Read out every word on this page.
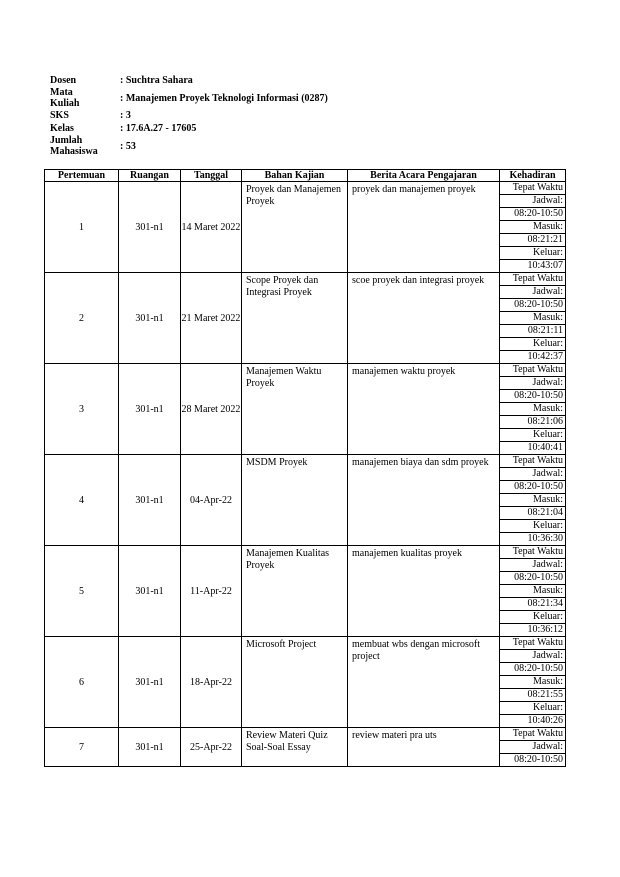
Dosen	: Suchtra Sahara
Mata
Kuliah	: Manajemen Proyek Teknologi Informasi (0287)
SKS	: 3
Kelas	: 17.6A.27 - 17605
Jumlah
Mahasiswa	: 53
Pertemuan	Ruangan	Tanggal	Bahan Kajian	Berita Acara Pengajaran	Kehadiran
1	301-n1	14 Maret 2022	Proyek dan Manajemen Proyek	proyek dan manajemen proyek	Tepat Waktu
					Jadwal:
					08:20-10:50
					Masuk:
					08:21:21
					Keluar:
					10:43:07
2	301-n1	21 Maret 2022	Scope Proyek dan Integrasi Proyek	scoe proyek dan integrasi proyek	Tepat Waktu
					Jadwal:
					08:20-10:50
					Masuk:
					08:21:11
					Keluar:
					10:42:37
3	301-n1	28 Maret 2022	Manajemen Waktu Proyek	manajemen waktu proyek	Tepat Waktu
					Jadwal:
					08:20-10:50
					Masuk:
					08:21:06
					Keluar:
					10:40:41
4	301-n1	04-Apr-22	MSDM Proyek	manajemen biaya dan sdm proyek	Tepat Waktu
					Jadwal:
					08:20-10:50
					Masuk:
					08:21:04
					Keluar:
					10:36:30
5	301-n1	11-Apr-22	Manajemen Kualitas Proyek	manajemen kualitas proyek	Tepat Waktu
					Jadwal:
					08:20-10:50
					Masuk:
					08:21:34
					Keluar:
					10:36:12
6	301-n1	18-Apr-22	Microsoft Project	membuat wbs dengan microsoft project	Tepat Waktu
					Jadwal:
					08:20-10:50
					Masuk:
					08:21:55
					Keluar:
					10:40:26
7	301-n1	25-Apr-22	Review Materi Quiz Soal-Soal Essay	review materi pra uts	Tepat Waktu
					Jadwal:
					08:20-10:50
